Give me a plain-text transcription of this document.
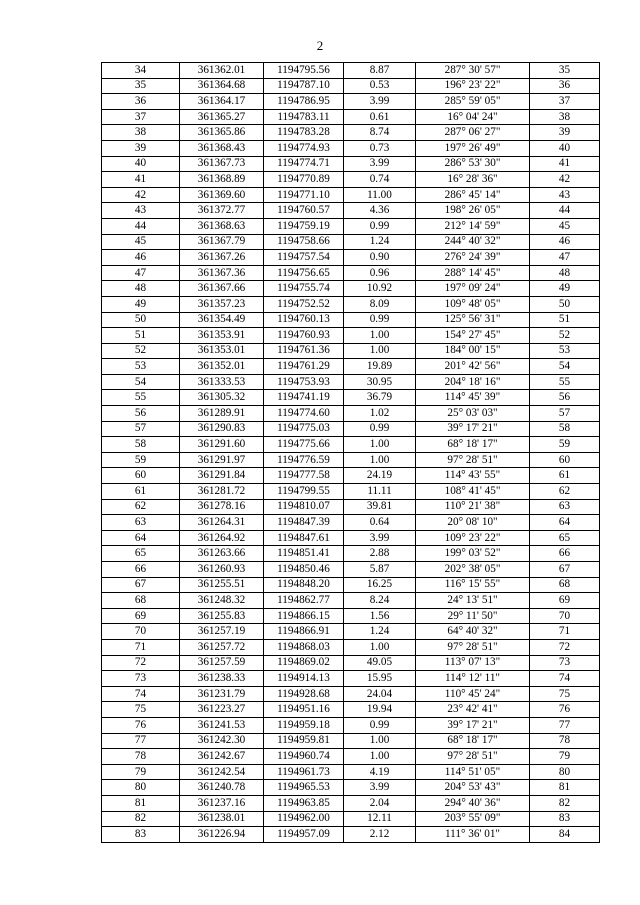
2
34	361362.01	1194795.56	8.87	287° 30' 57"	35
35	361364.68	1194787.10	0.53	196° 23' 22"	36
36	361364.17	1194786.95	3.99	285° 59' 05"	37
37	361365.27	1194783.11	0.61	16° 04' 24"	38
38	361365.86	1194783.28	8.74	287° 06' 27"	39
39	361368.43	1194774.93	0.73	197° 26' 49"	40
40	361367.73	1194774.71	3.99	286° 53' 30"	41
41	361368.89	1194770.89	0.74	16° 28' 36"	42
42	361369.60	1194771.10	11.00	286° 45' 14"	43
43	361372.77	1194760.57	4.36	198° 26' 05"	44
44	361368.63	1194759.19	0.99	212° 14' 59"	45
45	361367.79	1194758.66	1.24	244° 40' 32"	46
46	361367.26	1194757.54	0.90	276° 24' 39"	47
47	361367.36	1194756.65	0.96	288° 14' 45"	48
48	361367.66	1194755.74	10.92	197° 09' 24"	49
49	361357.23	1194752.52	8.09	109° 48' 05"	50
50	361354.49	1194760.13	0.99	125° 56' 31"	51
51	361353.91	1194760.93	1.00	154° 27' 45"	52
52	361353.01	1194761.36	1.00	184° 00' 15"	53
53	361352.01	1194761.29	19.89	201° 42' 56"	54
54	361333.53	1194753.93	30.95	204° 18' 16"	55
55	361305.32	1194741.19	36.79	114° 45' 39"	56
56	361289.91	1194774.60	1.02	25° 03' 03"	57
57	361290.83	1194775.03	0.99	39° 17' 21"	58
58	361291.60	1194775.66	1.00	68° 18' 17"	59
59	361291.97	1194776.59	1.00	97° 28' 51"	60
60	361291.84	1194777.58	24.19	114° 43' 55"	61
61	361281.72	1194799.55	11.11	108° 41' 45"	62
62	361278.16	1194810.07	39.81	110° 21' 38"	63
63	361264.31	1194847.39	0.64	20° 08' 10"	64
64	361264.92	1194847.61	3.99	109° 23' 22"	65
65	361263.66	1194851.41	2.88	199° 03' 52"	66
66	361260.93	1194850.46	5.87	202° 38' 05"	67
67	361255.51	1194848.20	16.25	116° 15' 55"	68
68	361248.32	1194862.77	8.24	24° 13' 51"	69
69	361255.83	1194866.15	1.56	29° 11' 50"	70
70	361257.19	1194866.91	1.24	64° 40' 32"	71
71	361257.72	1194868.03	1.00	97° 28' 51"	72
72	361257.59	1194869.02	49.05	113° 07' 13"	73
73	361238.33	1194914.13	15.95	114° 12' 11"	74
74	361231.79	1194928.68	24.04	110° 45' 24"	75
75	361223.27	1194951.16	19.94	23° 42' 41"	76
76	361241.53	1194959.18	0.99	39° 17' 21"	77
77	361242.30	1194959.81	1.00	68° 18' 17"	78
78	361242.67	1194960.74	1.00	97° 28' 51"	79
79	361242.54	1194961.73	4.19	114° 51' 05"	80
80	361240.78	1194965.53	3.99	204° 53' 43"	81
81	361237.16	1194963.85	2.04	294° 40' 36"	82
82	361238.01	1194962.00	12.11	203° 55' 09"	83
83	361226.94	1194957.09	2.12	111° 36' 01"	84
